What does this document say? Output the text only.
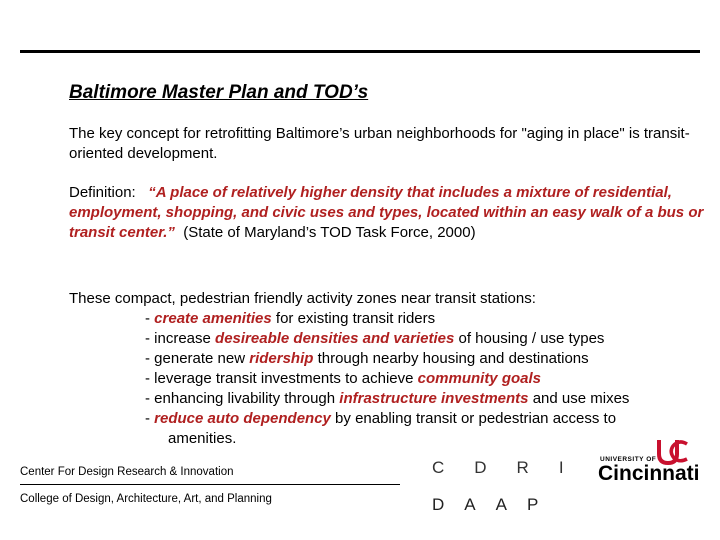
Baltimore Master Plan and TOD’s
The key concept for retrofitting Baltimore’s urban neighborhoods for "aging in place" is transit-oriented development.
Definition: “A place of relatively higher density that includes a mixture of residential, employment, shopping, and civic uses and types, located within an easy walk of a bus or transit center.” (State of Maryland’s TOD Task Force, 2000)
These compact, pedestrian friendly activity zones near transit stations:
- create amenities for existing transit riders
- increase desireable densities and varieties of housing / use types
- generate new ridership through nearby housing and destinations
- leverage transit investments to achieve community goals
- enhancing livability through infrastructure investments and use mixes
- reduce auto dependency by enabling transit or pedestrian access to
amenities.
Center For Design Research & Innovation
College of Design, Architecture, Art, and Planning
CDRI
DAAP
UNIVERSITY OF
Cincinnati
